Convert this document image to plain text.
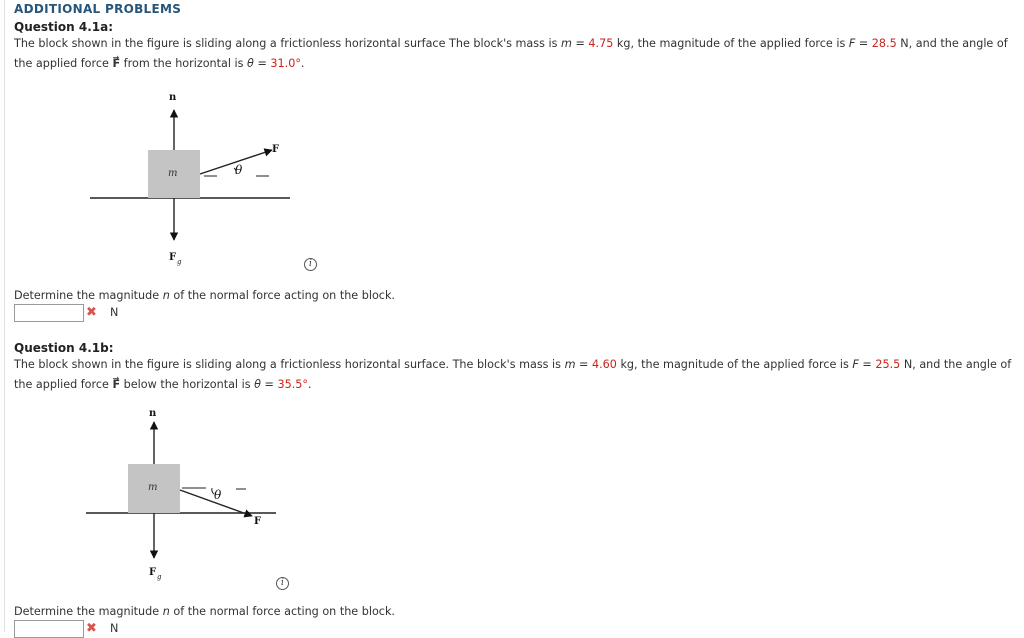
ADDITIONAL PROBLEMS
Question 4.1a:
The block shown in the figure is sliding along a frictionless horizontal surface The block's mass is m = 4.75 kg, the magnitude of the applied force is F = 28.5 N, and the angle of the applied force → F from the horizontal is θ = 31.0°.
θ
m
n
F
F g	i
Determine the magnitude n of the normal force acting on the block.
✖ N
Question 4.1b:
The block shown in the figure is sliding along a frictionless horizontal surface. The block's mass is m = 4.60 kg, the magnitude of the applied force is F = 25.5 N, and the angle of the applied force → F below the horizontal is θ = 35.5°.
θ
m
n
F
F g
i
Determine the magnitude n of the normal force acting on the block.
✖ N
